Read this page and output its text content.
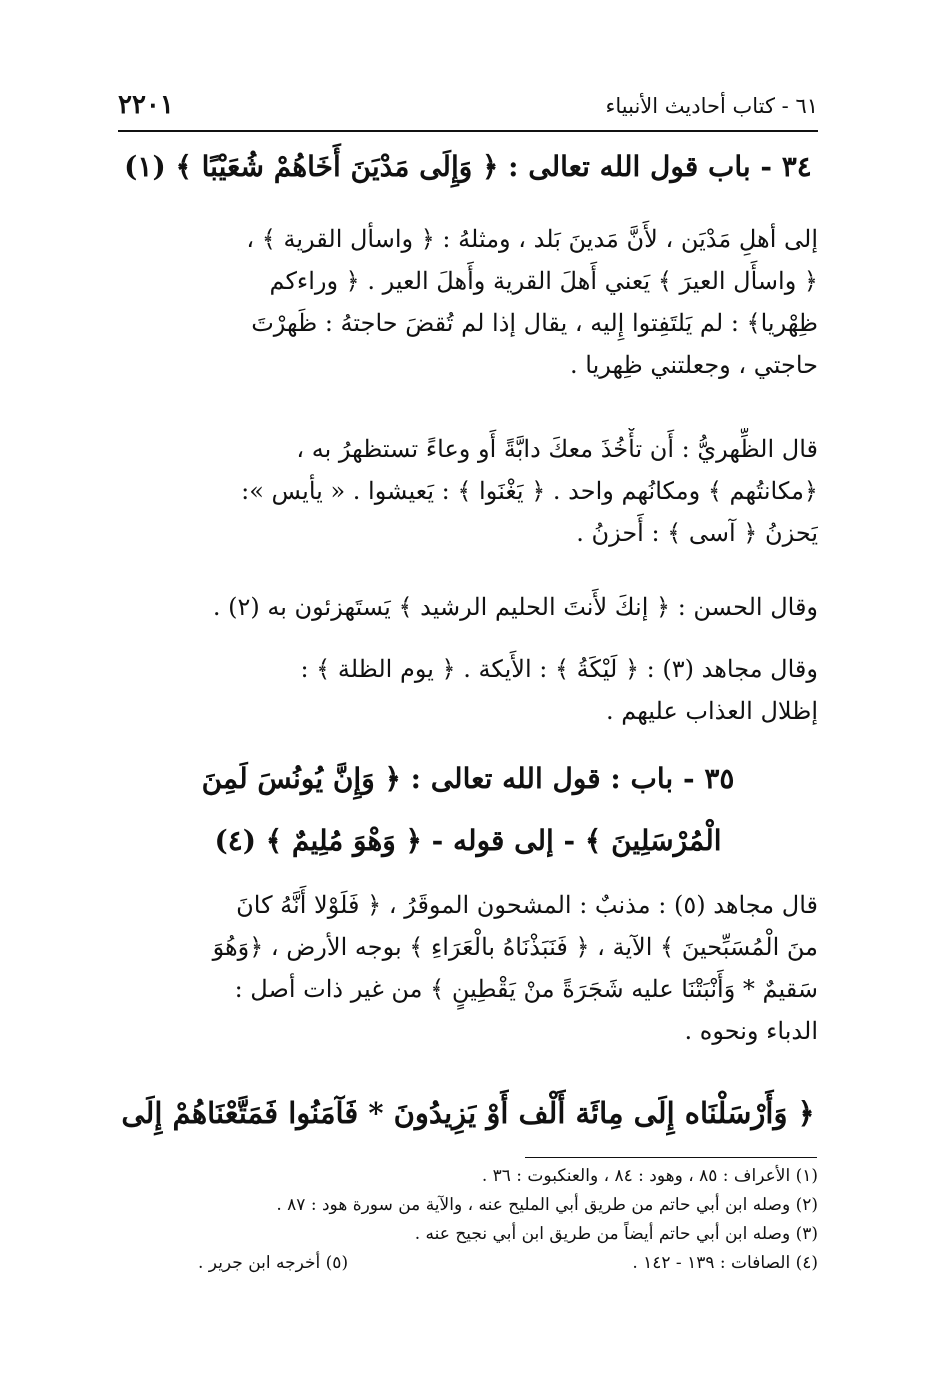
٦١ - كتاب أحاديث الأنبياء
٢٢٠١
٣٤ - باب قول الله تعالى : ﴿ وَإِلَى مَدْيَنَ أَخَاهُمْ شُعَيْبًا ﴾ (١)
إلى أهلِ مَدْيَن ، لأَنَّ مَدينَ بَلد ، ومثلهُ : ﴿ واسأل القرية ﴾ ،
﴿ واسأَل العيرَ ﴾ يَعني أَهلَ القرية وأَهلَ العير . ﴿ وراءكم
ظِهْريا﴾ : لم يَلتَفِتوا إِليه ، يقال إذا لم تُقضَ حاجتهُ : ظَهرْتَ
حاجتي ، وجعلتني ظِهريا .
قال الظِّهريُّ : أَن تأْخُذَ معكَ دابَّةً أَو وعاءً تستظهرُ به ،
﴿مكانتُهم ﴾ ومكانُهم واحد . ﴿ يَغْنَوا ﴾ : يَعيشوا . « يأيس »:
يَحزنُ ﴿ آسى ﴾ : أَحزنُ .
وقال الحسن : ﴿ إنكَ لأَنتَ الحليم الرشيد ﴾ يَستَهزئون به (٢) .
وقال مجاهد (٣) : ﴿ لَيْكَةُ ﴾ : الأَيكة . ﴿ يوم الظلة ﴾ :
إظلال العذاب عليهم .
٣٥ - باب : قول الله تعالى : ﴿ وَإِنَّ يُونُسَ لَمِنَ
الْمُرْسَلِينَ ﴾ - إلى قوله - ﴿ وَهْوَ مُلِيمٌ ﴾ (٤)
قال مجاهد (٥) : مذنبٌ : المشحون الموقَرُ ، ﴿ فَلَوْلا أَنَّهُ كانَ
منَ الْمُسَبِّحينَ ﴾ الآية ، ﴿ فَنَبَذْنَاهُ بالْعَرَاءِ ﴾ بوجه الأرض ، ﴿وَهُوَ
سَقيمٌ * وَأَنْبَتْنَا عليه شَجَرَةً منْ يَقْطِينٍ ﴾ من غير ذات أصل :
الدباء ونحوه .
﴿ وَأَرْسَلْنَاه إِلَى مِائَة أَلْف أَوْ يَزِيدُونَ * فَآمَنُوا فَمَتَّعْنَاهُمْ إِلَى
(١) الأعراف : ٨٥ ، وهود : ٨٤ ، والعنكبوت : ٣٦ .
(٢) وصله ابن أبي حاتم من طريق أبي المليح عنه ، والآية من سورة هود : ٨٧ .
(٣) وصله ابن أبي حاتم أيضاً من طريق ابن أبي نجيح عنه .
(٤) الصافات : ١٣٩ - ١٤٢ .
(٥) أخرجه ابن جرير .
